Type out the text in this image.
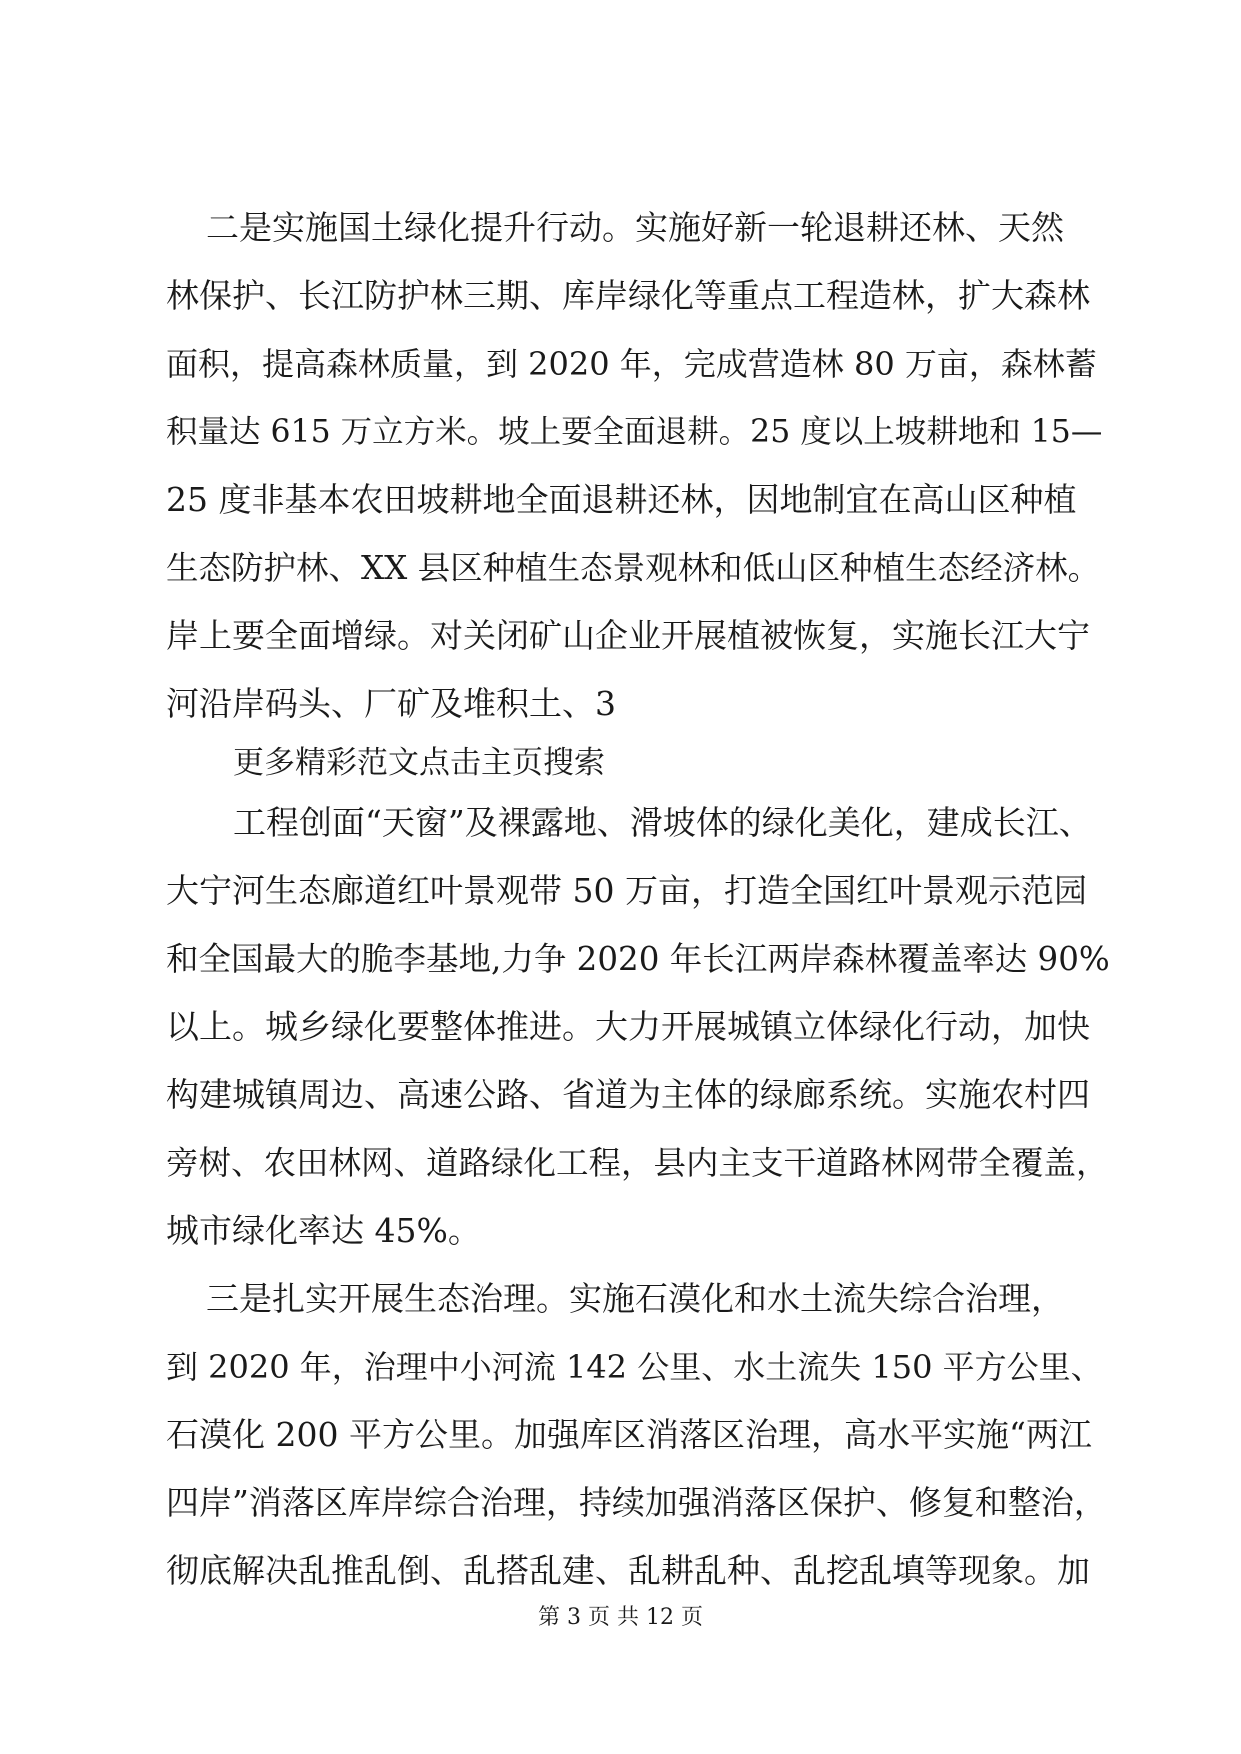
二是实施国土绿化提升行动。实施好新一轮退耕还林、天然
林保护、长江防护林三期、库岸绿化等重点工程造林，扩大森林
面积，提高森林质量，到 2020 年，完成营造林 80 万亩，森林蓄
积量达 615 万立方米。坡上要全面退耕。25 度以上坡耕地和 15—
25 度非基本农田坡耕地全面退耕还林，因地制宜在高山区种植
生态防护林、XX 县区种植生态景观林和低山区种植生态经济林。
岸上要全面增绿。对关闭矿山企业开展植被恢复，实施长江大宁
河沿岸码头、厂矿及堆积土、3
更多精彩范文点击主页搜索
工程创面“天窗”及裸露地、滑坡体的绿化美化，建成长江、
大宁河生态廊道红叶景观带 50 万亩，打造全国红叶景观示范园
和全国最大的脆李基地,力争 2020 年长江两岸森林覆盖率达 90%
以上。城乡绿化要整体推进。大力开展城镇立体绿化行动，加快
构建城镇周边、高速公路、省道为主体的绿廊系统。实施农村四
旁树、农田林网、道路绿化工程，县内主支干道路林网带全覆盖，
城市绿化率达 45%。
三是扎实开展生态治理。实施石漠化和水土流失综合治理，
到 2020 年，治理中小河流 142 公里、水土流失 150 平方公里、
石漠化 200 平方公里。加强库区消落区治理，高水平实施“两江
四岸”消落区库岸综合治理，持续加强消落区保护、修复和整治，
彻底解决乱推乱倒、乱搭乱建、乱耕乱种、乱挖乱填等现象。加
第 3 页 共 12 页
